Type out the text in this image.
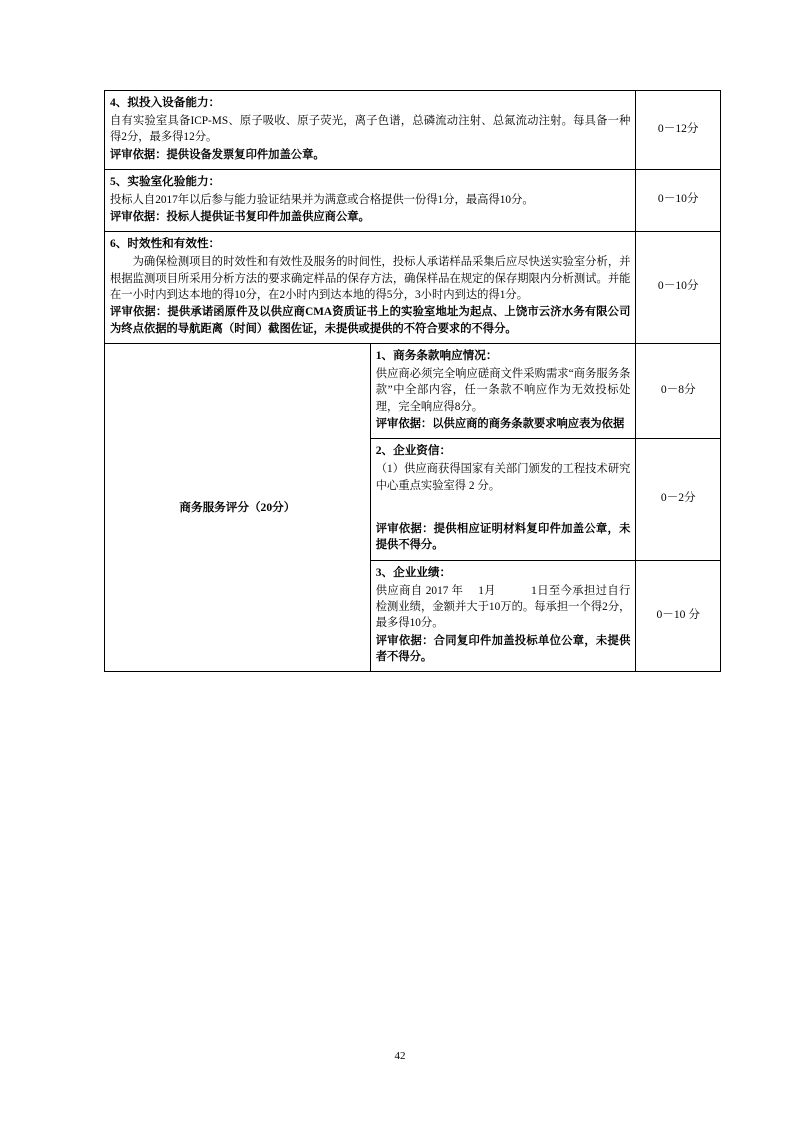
4、拟投入设备能力：

自有实验室具备ICP-MS、原子吸收、原子荧光，离子色谱，总磷流动注射、总氮流动注射。每具备一种得2分，最多得12分。

评审依据：提供设备发票复印件加盖公章。		0－12分

5、实验室化验能力：

投标人自2017年以后参与能力验证结果并为满意或合格提供一份得1分，最高得10分。

评审依据：投标人提供证书复印件加盖供应商公章。		0－10分

6、时效性和有效性：

为确保检测项目的时效性和有效性及服务的时间性，投标人承诺样品采集后应尽快送实验室分析，并根据监测项目所采用分析方法的要求确定样品的保存方法，确保样品在规定的保存期限内分析测试。并能在一小时内到达本地的得10分，在2小时内到达本地的得5分，3小时内到达的得1分。

评审依据：提供承诺函原件及以供应商CMA资质证书上的实验室地址为起点、上饶市云济水务有限公司为终点依据的导航距离（时间）截图佐证，未提供或提供的不符合要求的不得分。		0－10分
商务服务评分（20分）	1、商务条款响应情况：

供应商必须完全响应磋商文件采购需求“商务服务条款”中全部内容，任一条款不响应作为无效投标处理，完全响应得8分。

评审依据：以供应商的商务条款要求响应表为依据	0－8分

	2、企业资信：

（1）供应商获得国家有关部门颁发的工程技术研究中心重点实验室得 2 分。

评审依据：提供相应证明材料复印件加盖公章，未提供不得分。	0－2分

	3、企业业绩：

供应商自 2017 年　 1月　　　1日至今承担过自行检测业绩，金额并大于10万的。每承担一个得2分，最多得10分。

评审依据：合同复印件加盖投标单位公章，未提供者不得分。	0－10 分
42
